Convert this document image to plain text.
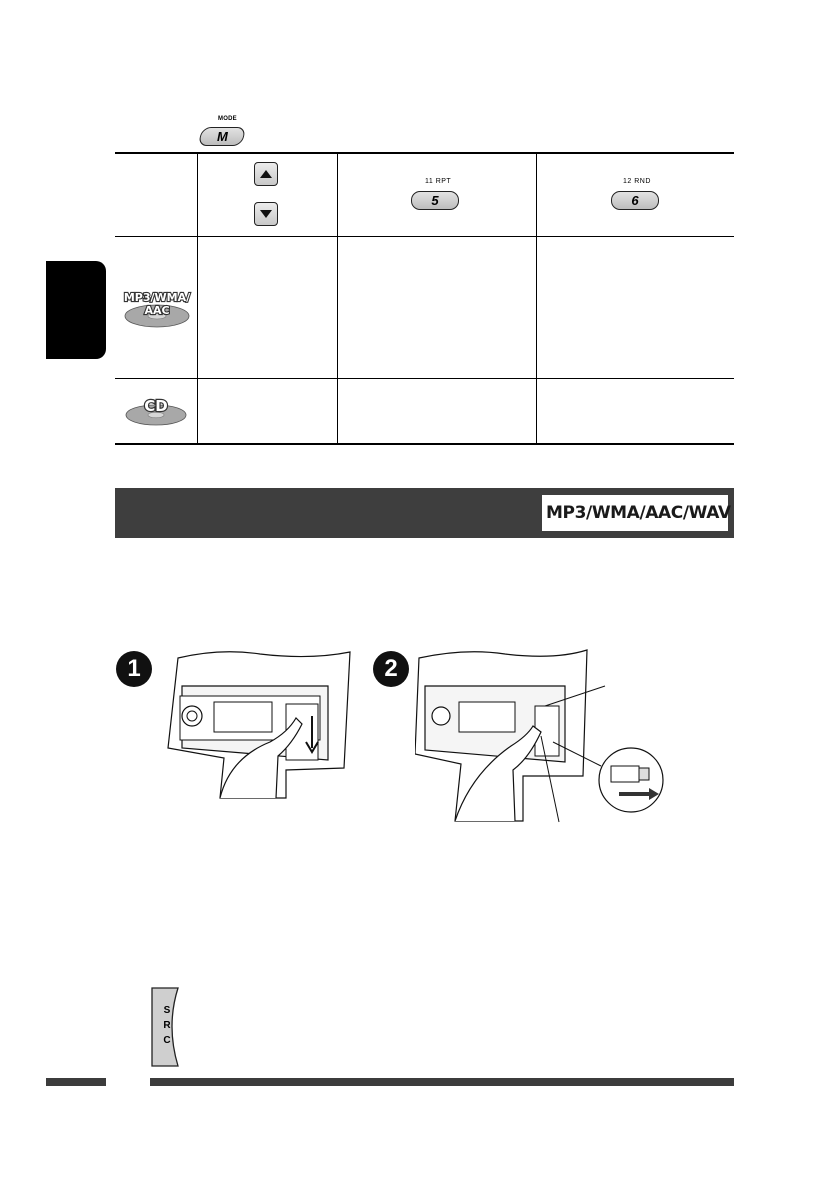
MODE
M
11 RPT
5
12 RND
6
MP3/WMA/
AAC
CD
MP3/WMA/AAC/WAV
1	2
S
R
C
